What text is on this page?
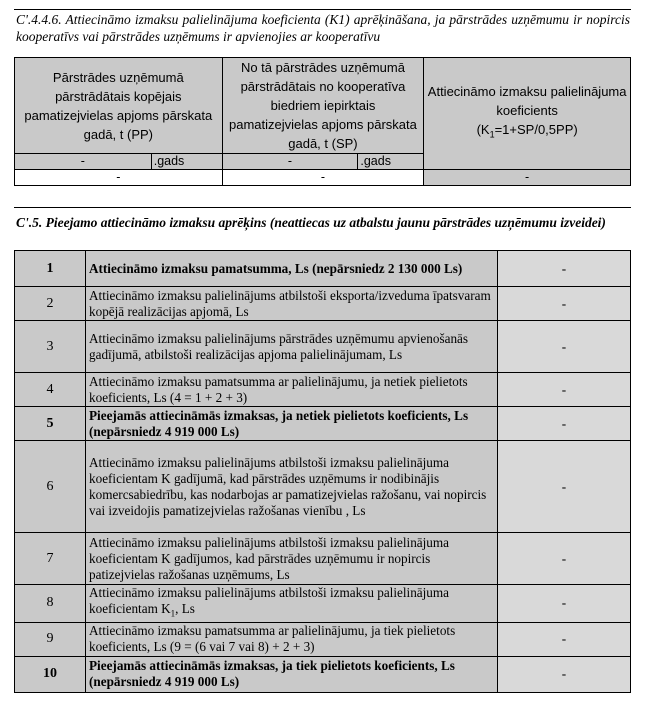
C'.4.4.6. Attiecināmo izmaksu palielinājuma koeficienta (K1) aprēķināšana, ja pārstrādes uzņēmumu ir nopircis kooperatīvs vai pārstrādes uzņēmums ir apvienojies ar kooperatīvu
Pārstrādes uzņēmumā pārstrādātais kopējais pamatizejvielas apjoms pārskata gadā, t (PP)		No tā pārstrādes uzņēmumā pārstrādātais no kooperatīva biedriem iepirktais pamatizejvielas apjoms pārskata gadā, t (SP)		Attiecināmo izmaksu palielinājuma koeficients
$(K_1=1+SP/0,5PP)$
-	.gads	-	.gads	
-		-		-
C'.5. Pieejamo attiecināmo izmaksu aprēķins (neattiecas uz atbalstu jaunu pārstrādes uzņēmumu izveidei)
1	Attiecināmo izmaksu pamatsumma, Ls (nepārsniedz 2 130 000 Ls)	-
2	Attiecināmo izmaksu palielinājums atbilstoši eksporta/izveduma īpatsvaram kopējā realizācijas apjomā, Ls	-
3	Attiecināmo izmaksu palielinājums pārstrādes uzņēmumu apvienošanās gadījumā, atbilstoši realizācijas apjoma palielinājumam, Ls	-
4	Attiecināmo izmaksu pamatsumma ar palielinājumu, ja netiek pielietots koeficients, Ls (4 = 1 + 2 + 3)	-
5	Pieejamās attiecināmās izmaksas, ja netiek pielietots koeficients, Ls (nepārsniedz 4 919 000 Ls)	-
6	Attiecināmo izmaksu palielinājums atbilstoši izmaksu palielinājuma koeficientam K gadījumā, kad pārstrādes uzņēmums ir nodibinājis komercsabiedrību, kas nodarbojas ar pamatizejvielas ražošanu, vai nopircis vai izveidojis pamatizejvielas ražošanas vienību , Ls	-
7	Attiecināmo izmaksu palielinājums atbilstoši izmaksu palielinājuma koeficientam K gadījumos, kad pārstrādes uzņēmumu ir nopircis patizejvielas ražošanas uzņēmums, Ls	-
8	Attiecināmo izmaksu palielinājums atbilstoši izmaksu palielinājuma koeficientam $K_1$, Ls	-
9	Attiecināmo izmaksu pamatsumma ar palielinājumu, ja tiek pielietots koeficients, Ls (9 = (6 vai 7 vai 8) + 2 + 3)	-
10	Pieejamās attiecināmās izmaksas, ja tiek pielietots koeficients, Ls (nepārsniedz 4 919 000 Ls)	-
